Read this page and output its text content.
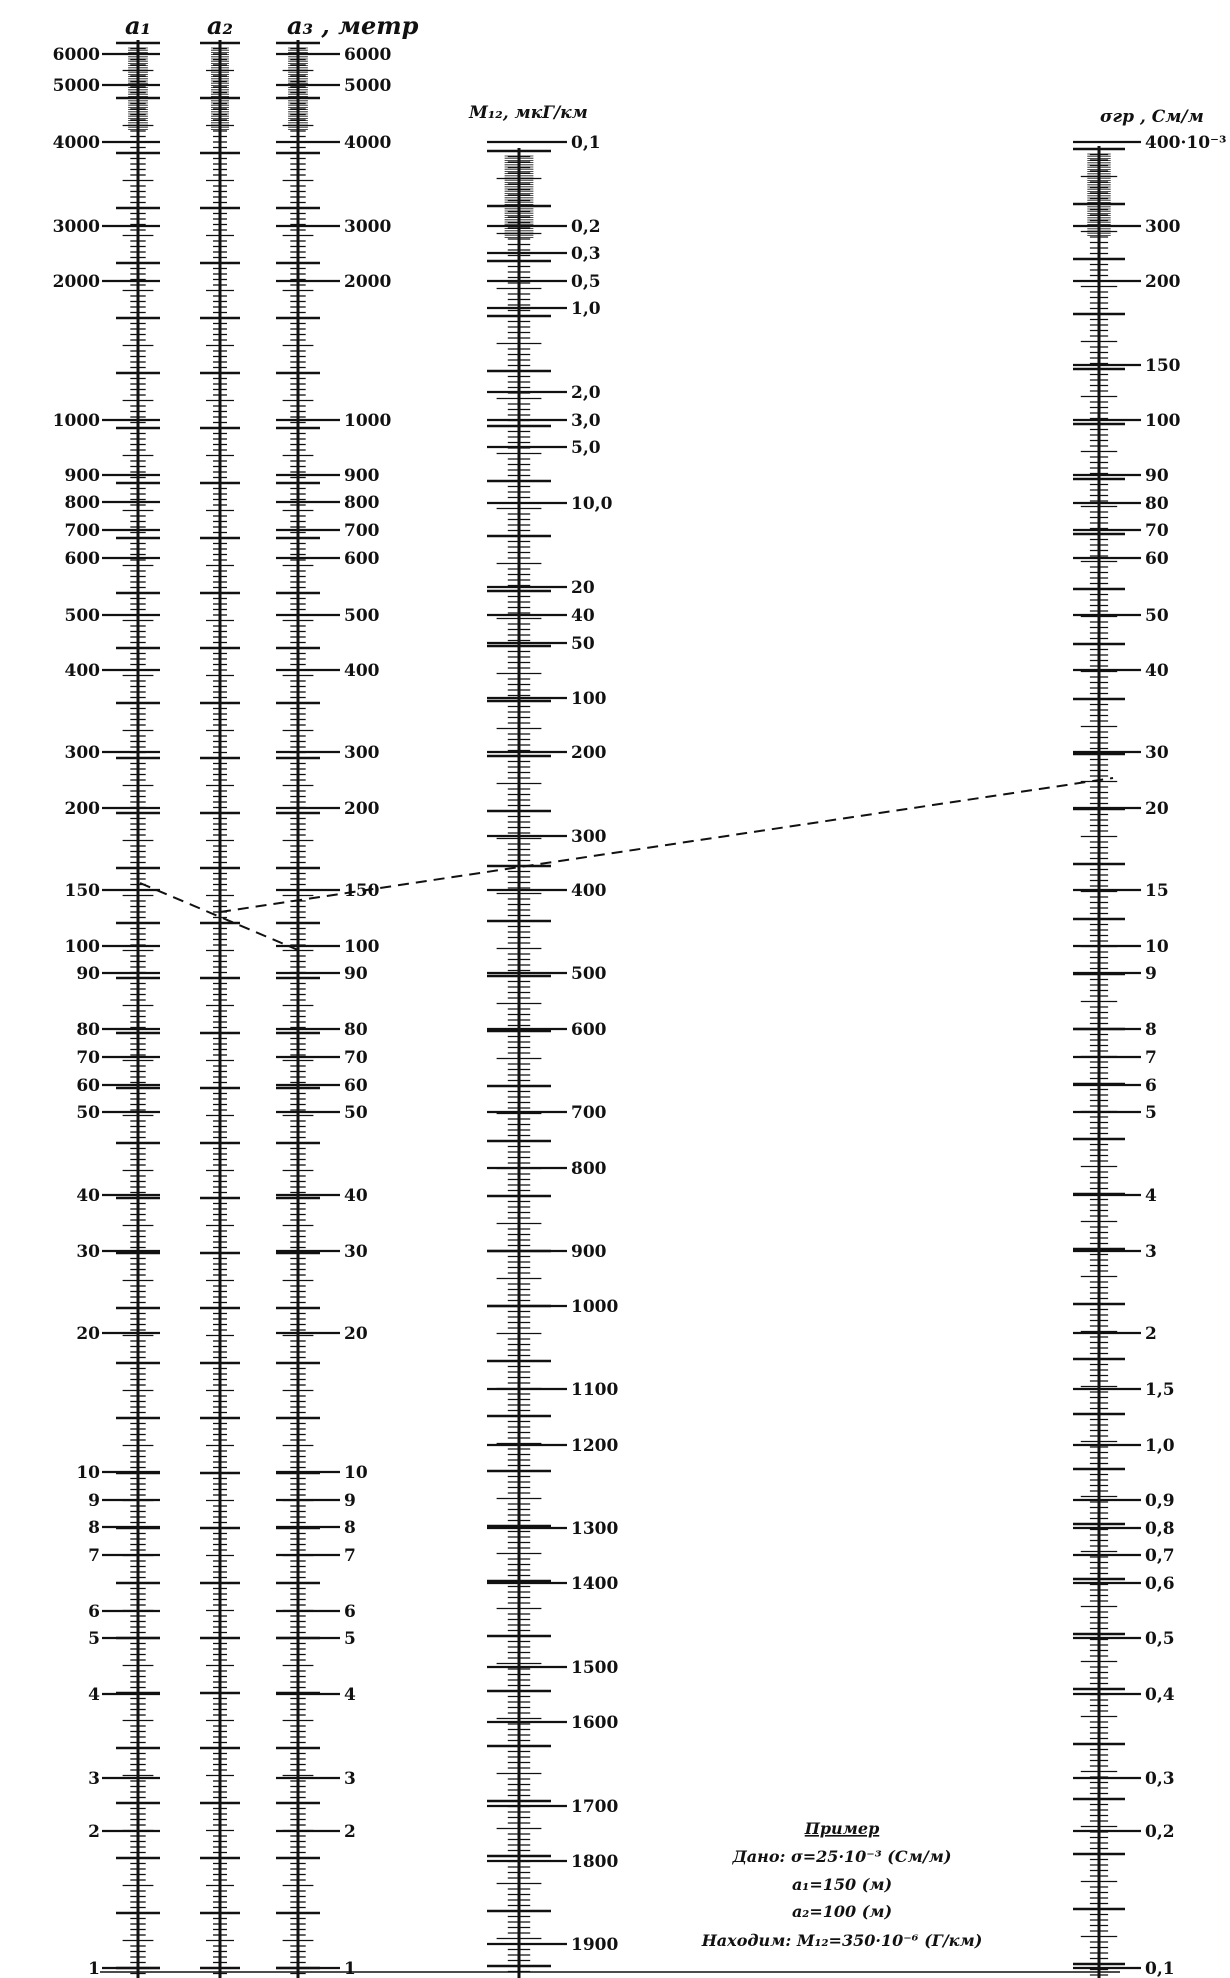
6000
5000
4000
3000
2000
1000
900
800
700
600
500
400
300
200
150
100
90
80
70
60
50
40
30
20
10
9
8
7
6
5
4
3
2
1
6000
5000
4000
3000
2000
1000
900
800
700
600
500
400
300
200
150
100
90
80
70
60
50
40
30
20
10
9
8
7
6
5
4
3
2
1
0,1
0,2
0,3
0,5
1,0
2,0
3,0
5,0
10,0
20
40
50
100
200
300
400
500
600
700
800
900
1000
1100
1200
1300
1400
1500
1600
1700
1800
1900
400·10⁻³
300
200
150
100
90
80
70
60
50
40
30
20
15
10
9
8
7
6
5
4
3
2
1,5
1,0
0,9
0,8
0,7
0,6
0,5
0,4
0,3
0,2
0,1
a₁ a₂ a₃ , метр
M₁₂, мкГ/км	σгр , См/м
Пример
Дано: σ=25·10⁻³ (См/м)
a₁=150 (м)
a₂=100 (м)
Находим: M₁₂=350·10⁻⁶ (Г/км)
